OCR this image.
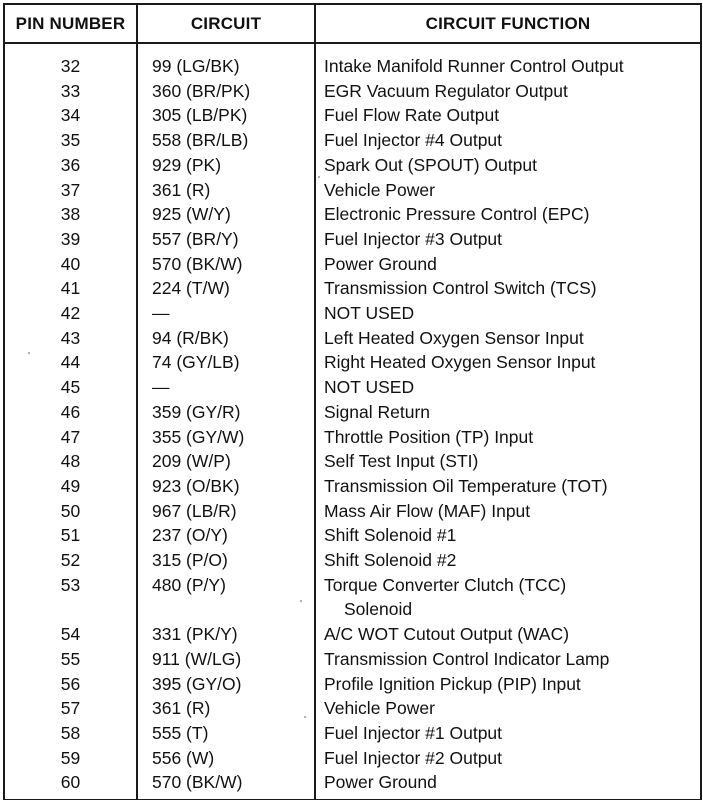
PIN NUMBER	CIRCUIT	CIRCUIT FUNCTION
32	99 (LG/BK)	Intake Manifold Runner Control Output

33	360 (BR/PK)	EGR Vacuum Regulator Output

34	305 (LB/PK)	Fuel Flow Rate Output

35	558 (BR/LB)	Fuel Injector #4 Output

36	929 (PK)	Spark Out (SPOUT) Output

37	361 (R)	Vehicle Power

38	925 (W/Y)	Electronic Pressure Control (EPC)

39	557 (BR/Y)	Fuel Injector #3 Output

40	570 (BK/W)	Power Ground

41	224 (T/W)	Transmission Control Switch (TCS)

42	—	NOT USED

43	94 (R/BK)	Left Heated Oxygen Sensor Input

44	74 (GY/LB)	Right Heated Oxygen Sensor Input

45	—	NOT USED

46	359 (GY/R)	Signal Return

47	355 (GY/W)	Throttle Position (TP) Input

48	209 (W/P)	Self Test Input (STI)

49	923 (O/BK)	Transmission Oil Temperature (TOT)

50	967 (LB/R)	Mass Air Flow (MAF) Input

51	237 (O/Y)	Shift Solenoid #1

52	315 (P/O)	Shift Solenoid #2

53	480 (P/Y)	Torque Converter Clutch (TCC)
Solenoid

54	331 (PK/Y)	A/C WOT Cutout Output (WAC)

55	911 (W/LG)	Transmission Control Indicator Lamp

56	395 (GY/O)	Profile Ignition Pickup (PIP) Input

57	361 (R)	Vehicle Power

58	555 (T)	Fuel Injector #1 Output

59	556 (W)	Fuel Injector #2 Output

60	570 (BK/W)	Power Ground
